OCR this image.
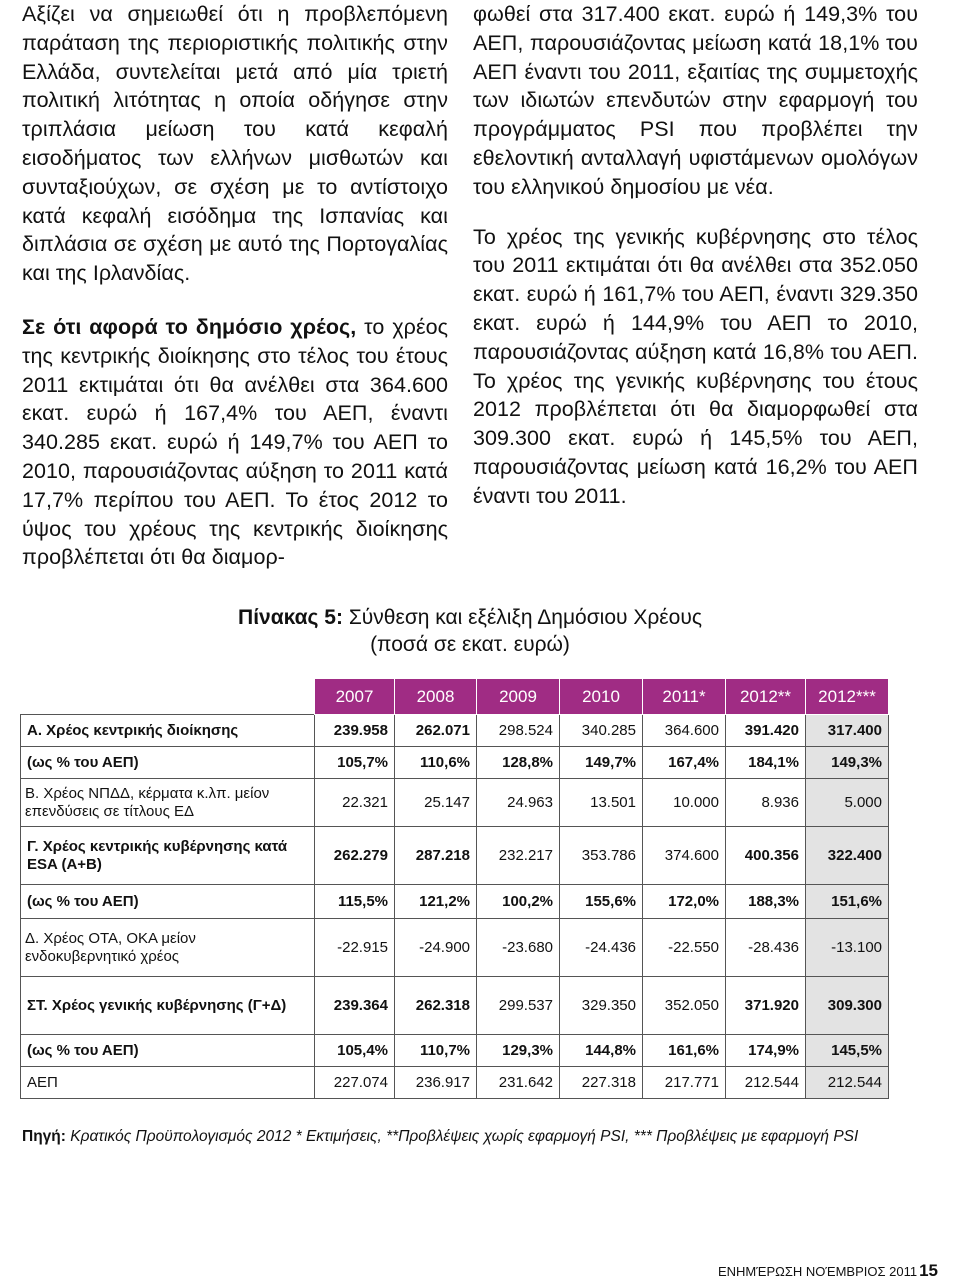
Αξίζει να σημειωθεί ότι η προβλεπόμενη παράταση της περιοριστικής πολιτικής στην Ελλάδα, συντελείται μετά από μία τριετή πολιτική λιτότητας η οποία οδήγησε στην τριπλάσια μείωση του κατά κεφαλή εισοδήματος των ελλήνων μισθωτών και συνταξιούχων, σε σχέση με το αντίστοιχο κατά κεφαλή εισόδημα της Ισπανίας και διπλάσια σε σχέση με αυτό της Πορτογαλίας και της Ιρλανδίας.

Σε ότι αφορά το δημόσιο χρέος, το χρέος της κεντρικής διοίκησης στο τέλος του έτους 2011 εκτιμάται ότι θα ανέλθει στα 364.600 εκατ. ευρώ ή 167,4% του ΑΕΠ, έναντι 340.285 εκατ. ευρώ ή 149,7% του ΑΕΠ το 2010, παρουσιάζοντας αύξηση το 2011 κατά 17,7% περίπου του ΑΕΠ. Το έτος 2012 το ύψος του χρέους της κεντρικής διοίκησης προβλέπεται ότι θα διαμορ-

φωθεί στα 317.400 εκατ. ευρώ ή 149,3% του ΑΕΠ, παρουσιάζοντας μείωση κατά 18,1% του ΑΕΠ έναντι του 2011, εξαιτίας της συμμετοχής των ιδιωτών επενδυτών στην εφαρμογή του προγράμματος PSI που προβλέπει την εθελοντική ανταλλαγή υφιστάμενων ομολόγων του ελληνικού δημοσίου με νέα.

Το χρέος της γενικής κυβέρνησης στο τέλος του 2011 εκτιμάται ότι θα ανέλθει στα 352.050 εκατ. ευρώ ή 161,7% του ΑΕΠ, έναντι 329.350 εκατ. ευρώ ή 144,9% του ΑΕΠ το 2010, παρουσιάζοντας αύξηση κατά 16,8% του ΑΕΠ. Το χρέος της γενικής κυβέρνησης του έτους 2012 προβλέπεται ότι θα διαμορφωθεί στα 309.300 εκατ. ευρώ ή 145,5% του ΑΕΠ, παρουσιάζοντας μείωση κατά 16,2% του ΑΕΠ έναντι του 2011.

Πίνακας 5: Σύνθεση και εξέλιξη Δημόσιου Χρέους
(ποσά σε εκατ. ευρώ)
	2007	2008	2009	2010	2011*	2012**	2012***
Α. Χρέος κεντρικής διοίκησης	239.958	262.071	298.524	340.285	364.600	391.420	317.400
(ως % του ΑΕΠ)	105,7%	110,6%	128,8%	149,7%	167,4%	184,1%	149,3%
Β. Χρέος ΝΠΔΔ, κέρματα κ.λπ. μείον επενδύσεις σε τίτλους ΕΔ	22.321	25.147	24.963	13.501	10.000	8.936	5.000
Γ. Χρέος κεντρικής κυβέρνησης κατά ESA (Α+Β)	262.279	287.218	232.217	353.786	374.600	400.356	322.400
(ως % του ΑΕΠ)	115,5%	121,2%	100,2%	155,6%	172,0%	188,3%	151,6%
Δ. Χρέος ΟΤΑ, ΟΚΑ μείον ενδοκυβερνητικό χρέος	-22.915	-24.900	-23.680	-24.436	-22.550	-28.436	-13.100
ΣΤ. Χρέος γενικής κυβέρνησης (Γ+Δ)	239.364	262.318	299.537	329.350	352.050	371.920	309.300
(ως % του ΑΕΠ)	105,4%	110,7%	129,3%	144,8%	161,6%	174,9%	145,5%
ΑΕΠ	227.074	236.917	231.642	227.318	217.771	212.544	212.544
Πηγή: Κρατικός Προϋπολογισμός 2012 * Εκτιμήσεις, **Προβλέψεις χωρίς εφαρμογή PSI, *** Προβλέψεις με εφαρμογή PSI
ΕΝΗΜΈΡΩΣΗ ΝΟΈΜΒΡΙΟΣ 2011 15
